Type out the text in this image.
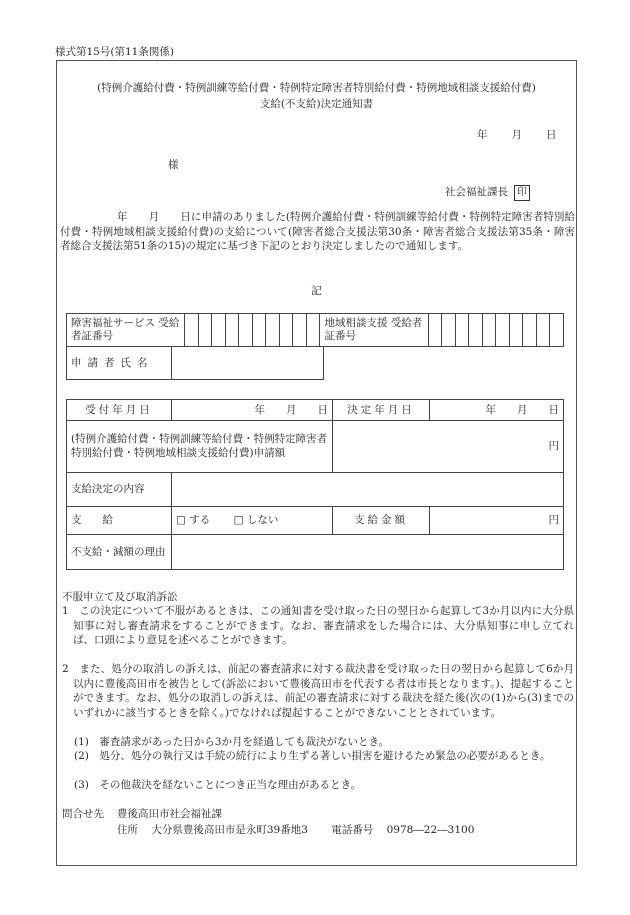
様式第15号(第11条関係)
(特例介護給付費・特例訓練等給付費・特例特定障害者特別給付費・特例地域相談支援給付費)
支給(不支給)決定通知書
年　　月　　日
様
社会福祉課長 印

年　　月　　日に申請のありました(特例介護給付費・特例訓練等給付費・特例特定障害者特別給付費・特例地域相談支援給付費)の支給について(障害者総合支援法第30条・障害者総合支援法第35条・障害者総合支援法第51条の15)の規定に基づき下記のとおり決定しましたので通知します。

記
障害福祉サービス 受給者証番号											地域相談支援 受給者証番号										
申請者氏名	
受付年月日	年　　月　　日	決定年月日	年　　月　　日
(特例介護給付費・特例訓練等給付費・特例特定障害者特別給付費・特例地域相談支援給付費)申請額		円	
支給決定の内容			
支　　給	□ する □ しない	支給金額	円
不支給・減額の理由			
不服申立て及び取消訴訟

1　この決定について不服があるときは、この通知書を受け取った日の翌日から起算して3か月以内に大分県知事に対し審査請求をすることができます。なお、審査請求をした場合には、大分県知事に申し立てれば、口頭により意見を述べることができます。

2　また、処分の取消しの訴えは、前記の審査請求に対する裁決書を受け取った日の翌日から起算して6か月以内に豊後高田市を被告として(訴訟において豊後高田市を代表する者は市長となります。)、提起することができます。なお、処分の取消しの訴えは、前記の審査請求に対する裁決を経た後(次の(1)から(3)までのいずれかに該当するときを除く。)でなければ提起することができないこととされています。

(1)　審査請求があった日から3か月を経過しても裁決がないとき。

(2)　処分、処分の執行又は手続の続行により生ずる著しい損害を避けるため緊急の必要があるとき。

(3)　その他裁決を経ないことにつき正当な理由があるとき。

問合せ先 豊後高田市社会福祉課
住所 大分県豊後高田市是永町39番地3 電話番号 0978―22―3100
